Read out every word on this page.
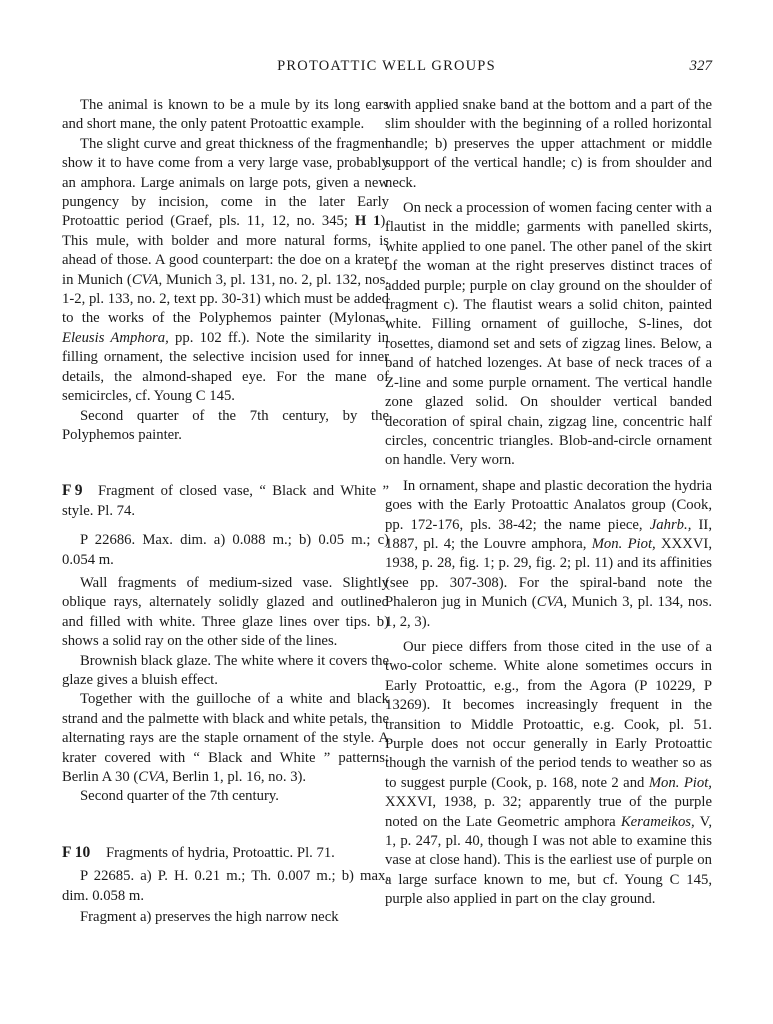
PROTOATTIC WELL GROUPS	327

The animal is known to be a mule by its long ears and short mane, the only patent Protoattic example.

The slight curve and great thickness of the fragment show it to have come from a very large vase, probably an amphora. Large animals on large pots, given a new pungency by incision, come in the later Early Protoattic period (Graef, pls. 11, 12, no. 345; H 1). This mule, with bolder and more natural forms, is ahead of those. A good counterpart: the doe on a krater in Munich (CVA, Munich 3, pl. 131, no. 2, pl. 132, nos. 1-2, pl. 133, no. 2, text pp. 30-31) which must be added to the works of the Polyphemos painter (Mylonas, Eleusis Amphora, pp. 102 ff.). Note the similarity in filling ornament, the selective incision used for inner details, the almond-shaped eye. For the mane of semicircles, cf. Young C 145.

Second quarter of the 7th century, by the Polyphemos painter.

F 9 Fragment of closed vase, “ Black and White ” style. Pl. 74.

P 22686. Max. dim. a) 0.088 m.; b) 0.05 m.; c) 0.054 m.

Wall fragments of medium-sized vase. Slightly oblique rays, alternately solidly glazed and outlined and filled with white. Three glaze lines over tips. b) shows a solid ray on the other side of the lines.

Brownish black glaze. The white where it covers the glaze gives a bluish effect.

Together with the guilloche of a white and black strand and the palmette with black and white petals, the alternating rays are the staple ornament of the style. A krater covered with “ Black and White ” patterns: Berlin A 30 (CVA, Berlin 1, pl. 16, no. 3).

Second quarter of the 7th century.

F 10 Fragments of hydria, Protoattic. Pl. 71.

P 22685. a) P. H. 0.21 m.; Th. 0.007 m.; b) max. dim. 0.058 m.

Fragment a) preserves the high narrow neck

with applied snake band at the bottom and a part of the slim shoulder with the beginning of a rolled horizontal handle; b) preserves the upper attachment or middle support of the vertical handle; c) is from shoulder and neck.

On neck a procession of women facing center with a flautist in the middle; garments with panelled skirts, white applied to one panel. The other panel of the skirt of the woman at the right preserves distinct traces of added purple; purple on clay ground on the shoulder of fragment c). The flautist wears a solid chiton, painted white. Filling ornament of guilloche, S-lines, dot rosettes, diamond set and sets of zigzag lines. Below, a band of hatched lozenges. At base of neck traces of a Z-line and some purple ornament. The vertical handle zone glazed solid. On shoulder vertical banded decoration of spiral chain, zigzag line, concentric half circles, concentric triangles. Blob-and-circle ornament on handle. Very worn.

In ornament, shape and plastic decoration the hydria goes with the Early Protoattic Analatos group (Cook, pp. 172-176, pls. 38-42; the name piece, Jahrb., II, 1887, pl. 4; the Louvre amphora, Mon. Piot, XXXVI, 1938, p. 28, fig. 1; p. 29, fig. 2; pl. 11) and its affinities (see pp. 307-308). For the spiral-band note the Phaleron jug in Munich (CVA, Munich 3, pl. 134, nos. 1, 2, 3).

Our piece differs from those cited in the use of a two-color scheme. White alone sometimes occurs in Early Protoattic, e.g., from the Agora (P 10229, P 13269). It becomes increasingly frequent in the transition to Middle Protoattic, e.g. Cook, pl. 51. Purple does not occur generally in Early Protoattic though the varnish of the period tends to weather so as to suggest purple (Cook, p. 168, note 2 and Mon. Piot, XXXVI, 1938, p. 32; apparently true of the purple noted on the Late Geometric amphora Kerameikos, V, 1, p. 247, pl. 40, though I was not able to examine this vase at close hand). This is the earliest use of purple on a large surface known to me, but cf. Young C 145, purple also applied in part on the clay ground.
